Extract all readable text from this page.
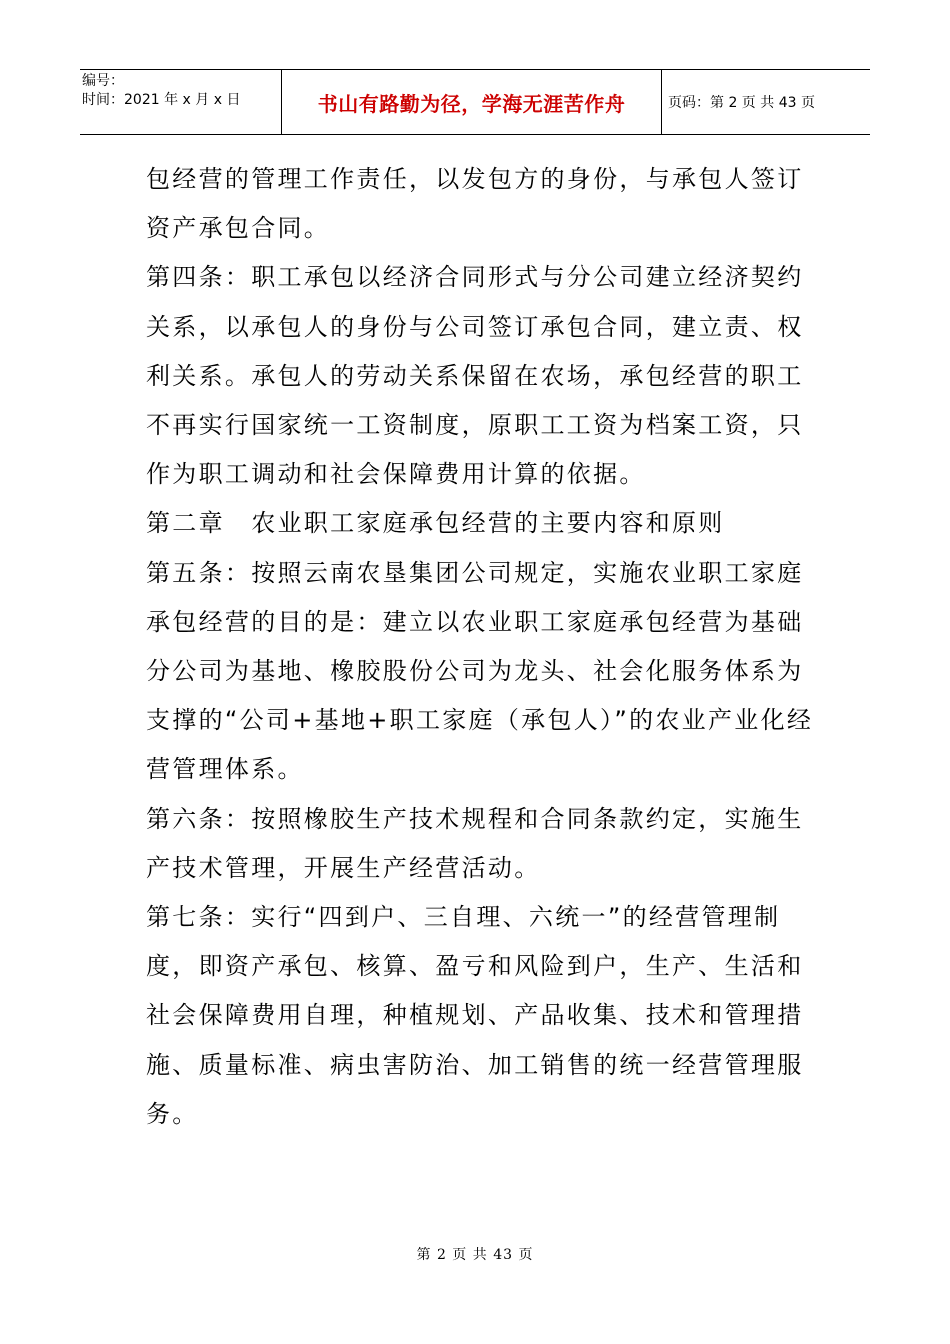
编号：
时间：2021 年 x 月 x 日	书山有路勤为径，学海无涯苦作舟	页码：第 2 页 共 43 页

包经营的管理工作责任，以发包方的身份，与承包人签订资产承包合同。

第四条：职工承包以经济合同形式与分公司建立经济契约关系，以承包人的身份与公司签订承包合同，建立责、权利关系。承包人的劳动关系保留在农场，承包经营的职工不再实行国家统一工资制度，原职工工资为档案工资，只作为职工调动和社会保障费用计算的依据。

第二章　农业职工家庭承包经营的主要内容和原则

第五条：按照云南农垦集团公司规定，实施农业职工家庭承包经营的目的是：建立以农业职工家庭承包经营为基础分公司为基地、橡胶股份公司为龙头、社会化服务体系为支撑的“公司+基地+职工家庭（承包人）”的农业产业化经营管理体系。

第六条：按照橡胶生产技术规程和合同条款约定，实施生产技术管理，开展生产经营活动。

第七条：实行“四到户、三自理、六统一”的经营管理制度，即资产承包、核算、盈亏和风险到户，生产、生活和社会保障费用自理，种植规划、产品收集、技术和管理措施、质量标准、病虫害防治、加工销售的统一经营管理服务。

第 2 页 共 43 页
